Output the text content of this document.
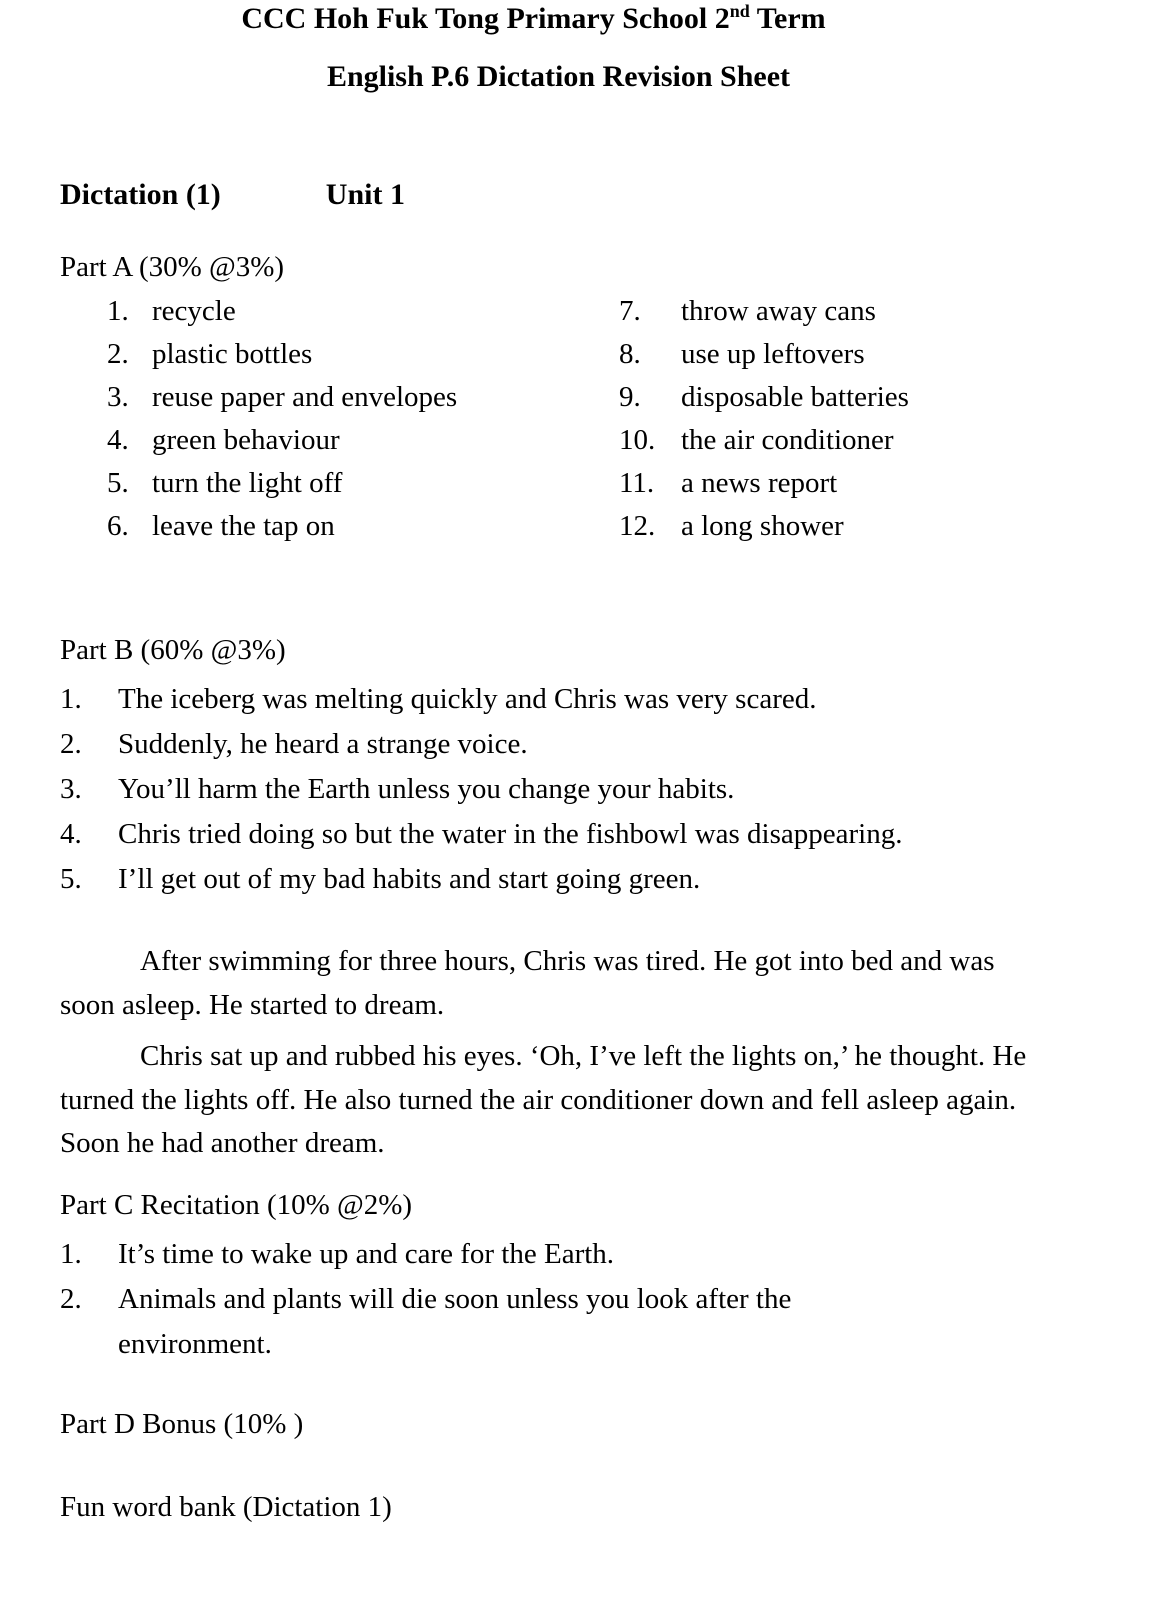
CCC Hoh Fuk Tong Primary School 2nd Term
English P.6 Dictation Revision Sheet
Dictation (1)	Unit 1
Part A (30% @3%)
1. recycle
2. plastic bottles
3. reuse paper and envelopes
4. green behaviour
5. turn the light off
6. leave the tap on
7.	throw away cans
8.	use up leftovers
9.	disposable batteries
10. the air conditioner
11. a news report
12. a long shower
Part B (60% @3%)
1.	The iceberg was melting quickly and Chris was very scared.
2.	Suddenly, he heard a strange voice.
3.	You’ll harm the Earth unless you change your habits.
4.	Chris tried doing so but the water in the fishbowl was disappearing.
5.	I’ll get out of my bad habits and start going green.

After swimming for three hours, Chris was tired. He got into bed and was soon asleep. He started to dream.

Chris sat up and rubbed his eyes. ‘Oh, I’ve left the lights on,’ he thought. He turned the lights off. He also turned the air conditioner down and fell asleep again. Soon he had another dream.

Part C Recitation (10% @2%)
1.	It’s time to wake up and care for the Earth.
2.	Animals and plants will die soon unless you look after the environment.
Part D Bonus (10% )
Fun word bank (Dictation 1)
